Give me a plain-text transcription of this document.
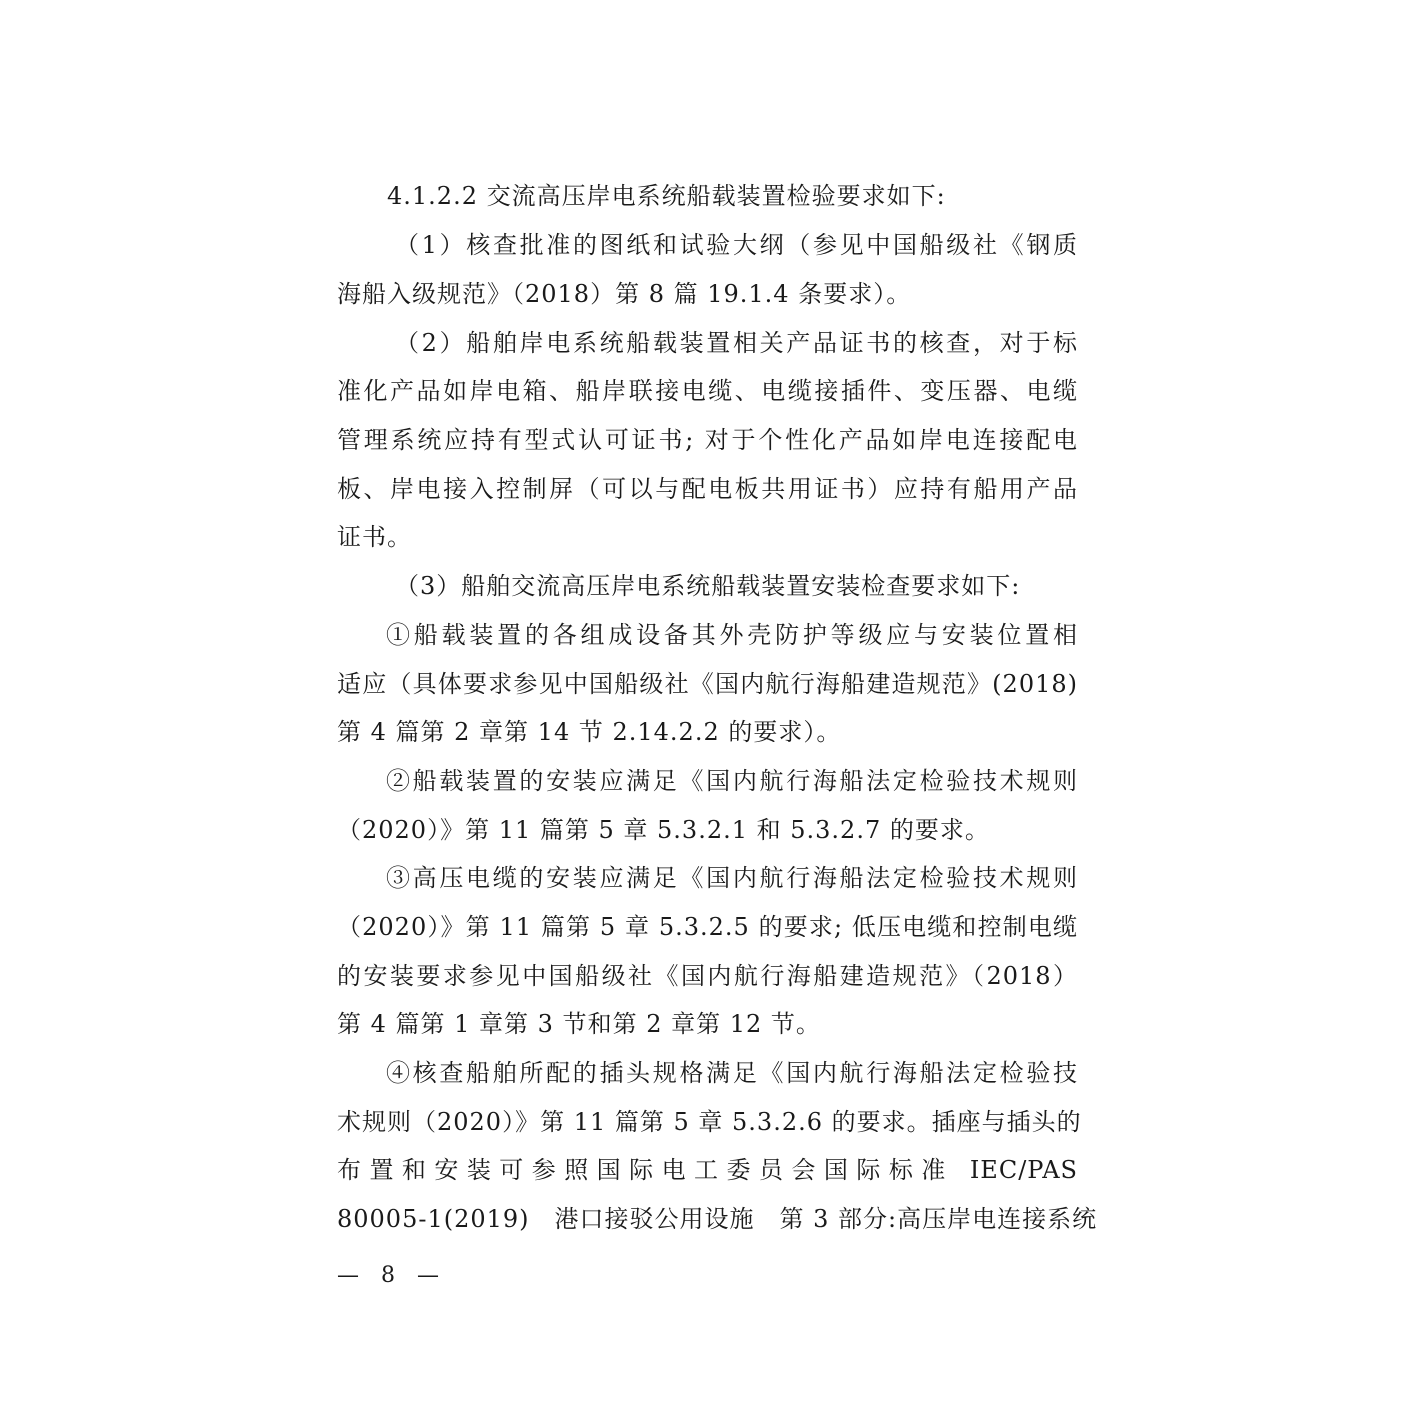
4.1.2.2 交流高压岸电系统船载装置检验要求如下:
（1）核查批准的图纸和试验大纲（参见中国船级社《钢质
海船入级规范》（2018）第 8 篇 19.1.4 条要求）。
（2）船舶岸电系统船载装置相关产品证书的核查，对于标
准化产品如岸电箱、船岸联接电缆、电缆接插件、变压器、电缆
管理系统应持有型式认可证书; 对于个性化产品如岸电连接配电
板、岸电接入控制屏（可以与配电板共用证书）应持有船用产品
证书。
（3）船舶交流高压岸电系统船载装置安装检查要求如下:
①船载装置的各组成设备其外壳防护等级应与安装位置相
适应（具体要求参见中国船级社《国内航行海船建造规范》(2018)
第 4 篇第 2 章第 14 节 2.14.2.2 的要求）。
②船载装置的安装应满足《国内航行海船法定检验技术规则
（2020）》第 11 篇第 5 章 5.3.2.1 和 5.3.2.7 的要求。
③高压电缆的安装应满足《国内航行海船法定检验技术规则
（2020）》第 11 篇第 5 章 5.3.2.5 的要求; 低压电缆和控制电缆
的安装要求参见中国船级社《国内航行海船建造规范》（2018）
第 4 篇第 1 章第 3 节和第 2 章第 12 节。
④核查船舶所配的插头规格满足《国内航行海船法定检验技
术规则（2020）》第 11 篇第 5 章 5.3.2.6 的要求。插座与插头的
布置和安装可参照国际电工委员会国际标准 IEC/PAS
80005-1(2019)　港口接驳公用设施　第 3 部分:高压岸电连接系统
—　8　—
